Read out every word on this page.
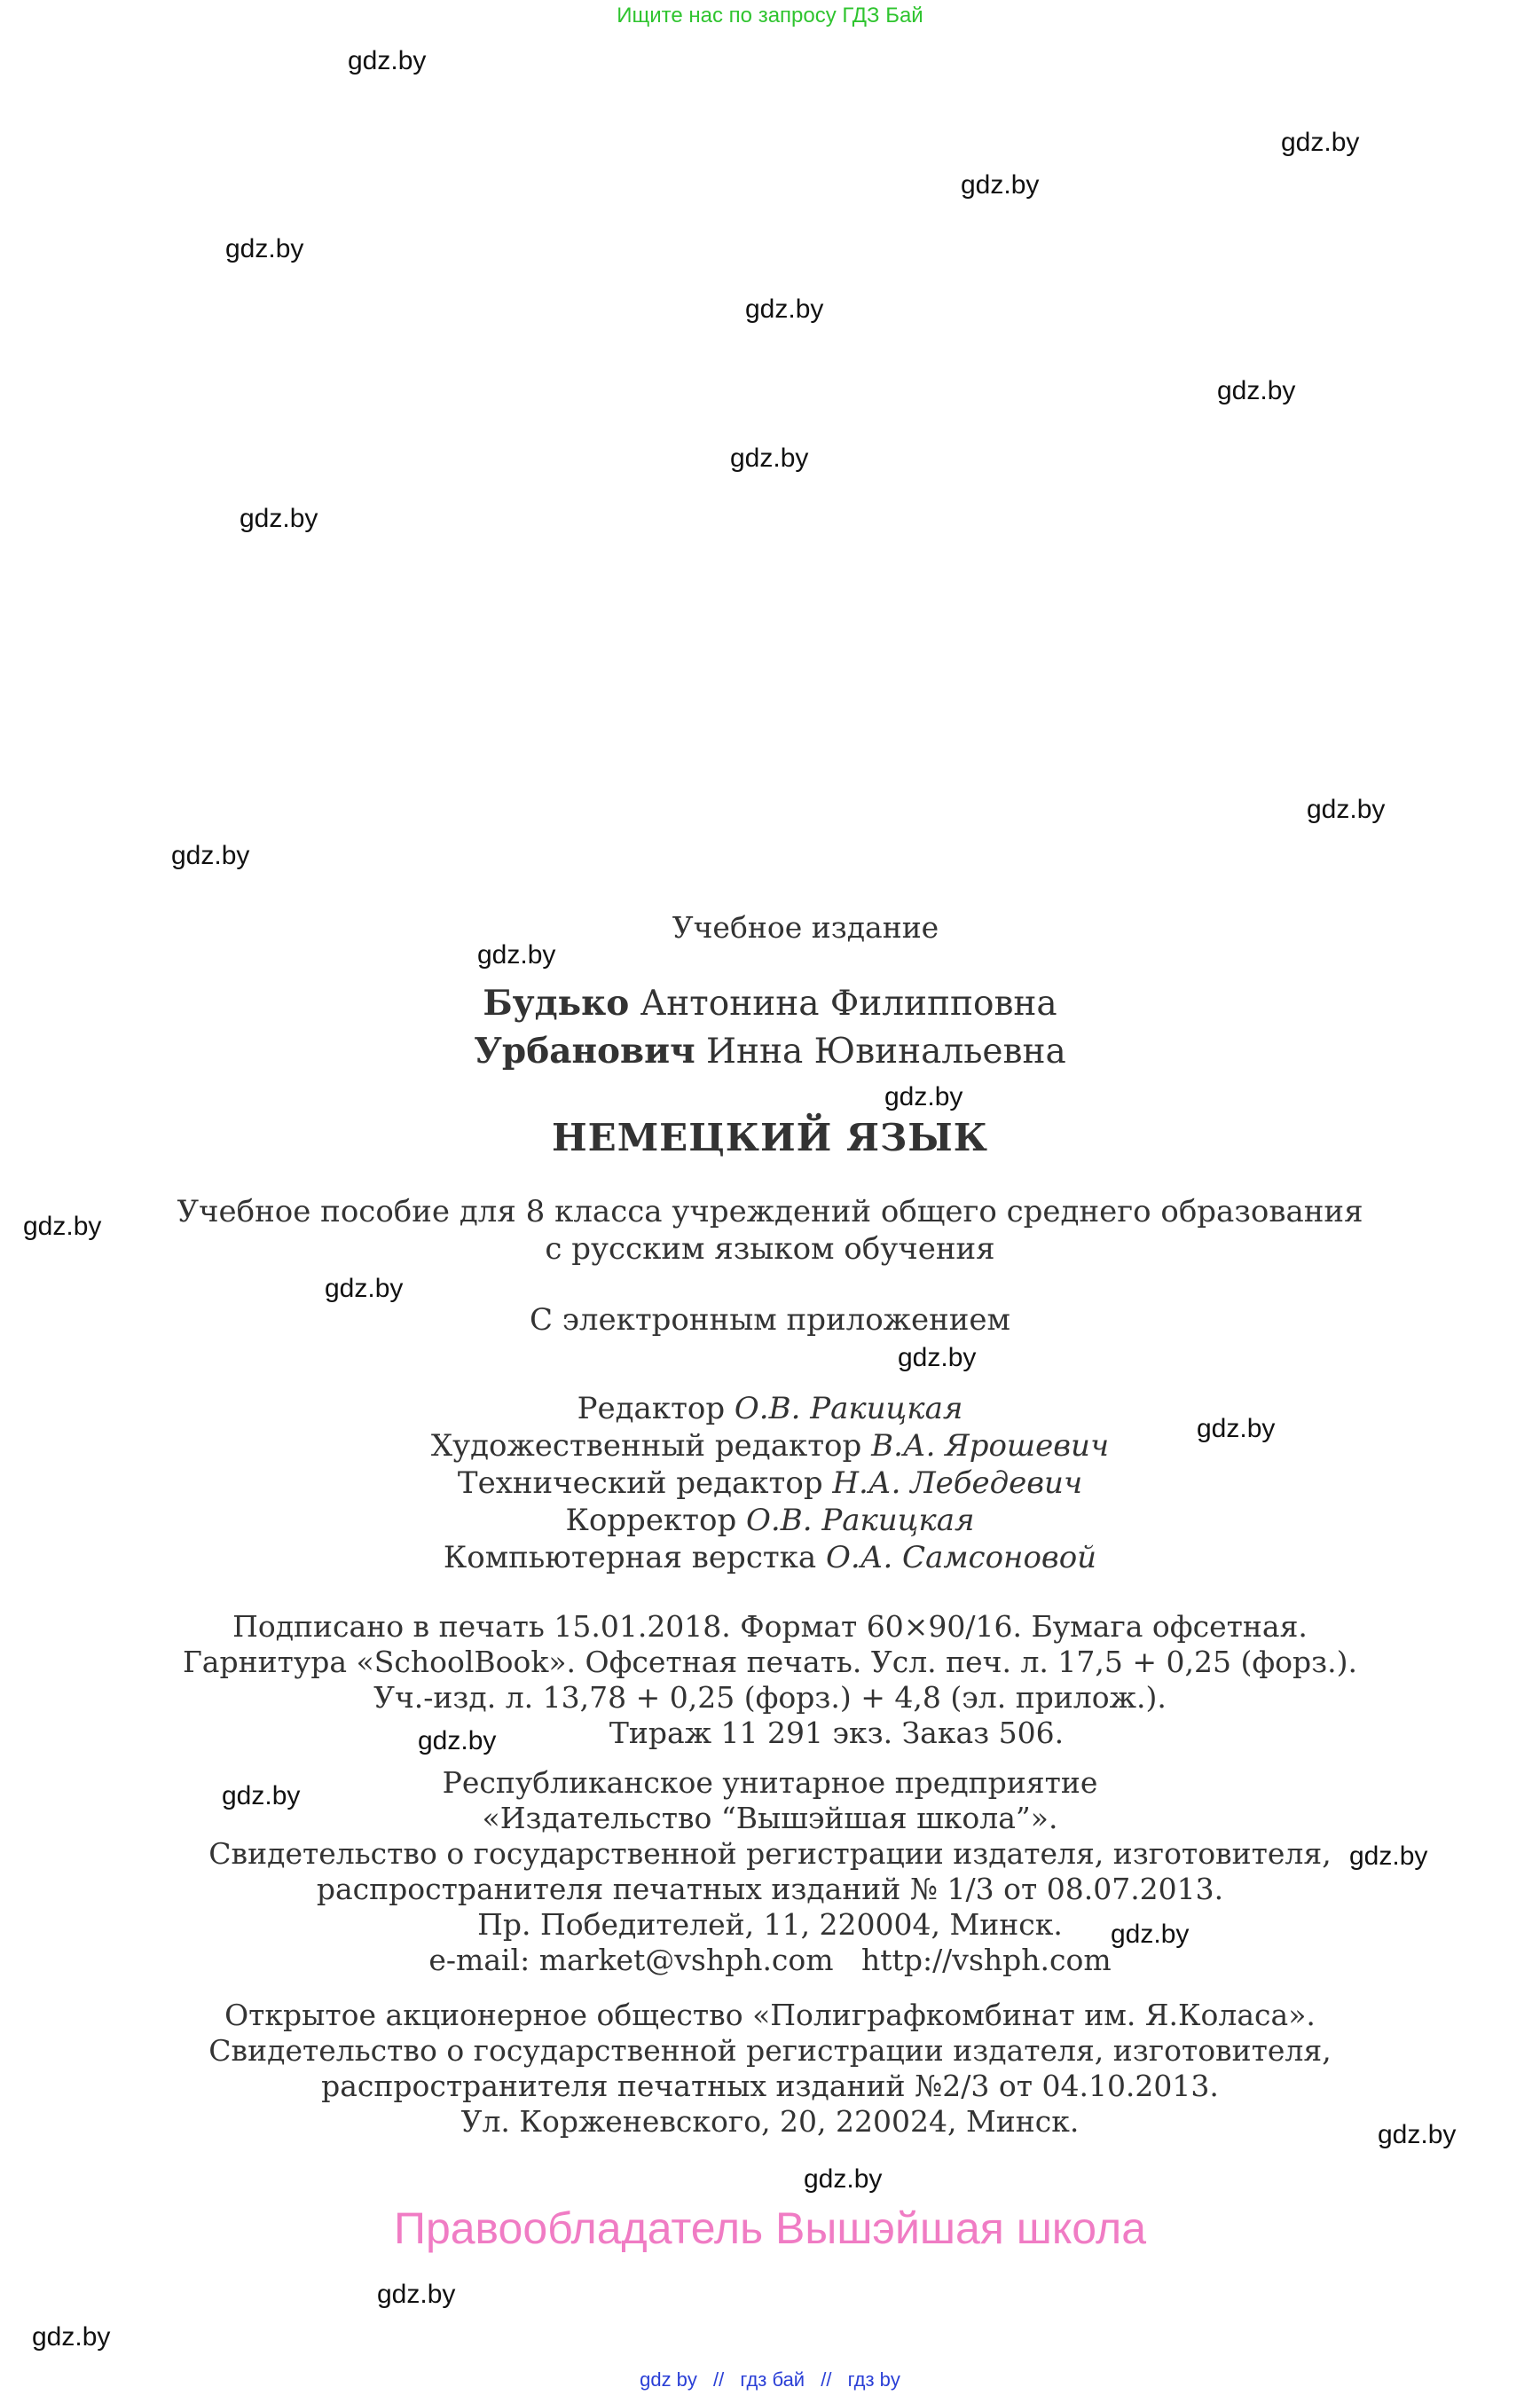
Ищите нас по запросу ГДЗ Бай
gdz.by
gdz.by
gdz.by
gdz.by
gdz.by
gdz.by
gdz.by
gdz.by
gdz.by
gdz.by
gdz.by
gdz.by
gdz.by
gdz.by
gdz.by
gdz.by
gdz.by
gdz.by
gdz.by
gdz.by
gdz.by
gdz.by
gdz.by
gdz.by
Учебное издание
Будько Антонина Филипповна
Урбанович Инна Ювинальевна
НЕМЕЦКИЙ ЯЗЫК
Учебное пособие для 8 класса учреждений общего среднего образования
с русским языком обучения
С электронным приложением
Редактор О.В. Ракицкая
Художественный редактор В.А. Ярошевич
Технический редактор Н.А. Лебедевич
Корректор О.В. Ракицкая
Компьютерная верстка О.А. Самсоновой
Подписано в печать 15.01.2018. Формат 60×90/16. Бумага офсетная.
Гарнитура «SchoolBook». Офсетная печать. Усл. печ. л. 17,5 + 0,25 (форз.).
Уч.-изд. л. 13,78 + 0,25 (форз.) + 4,8 (эл. прилож.).
Тираж 11 291 экз. Заказ 506.
Республиканское унитарное предприятие
«Издательство “Вышэйшая школа”».
Свидетельство о государственной регистрации издателя, изготовителя,
распространителя печатных изданий № 1/3 от 08.07.2013.
Пр. Победителей, 11, 220004, Минск.
e-mail: market@vshph.com   http://vshph.com
Открытое акционерное общество «Полиграфкомбинат им. Я.Коласа».
Свидетельство о государственной регистрации издателя, изготовителя,
распространителя печатных изданий №2/3 от 04.10.2013.
Ул. Корженевского, 20, 220024, Минск.
Правообладатель Вышэйшая школа
gdz by // гдз бай // гдз by
